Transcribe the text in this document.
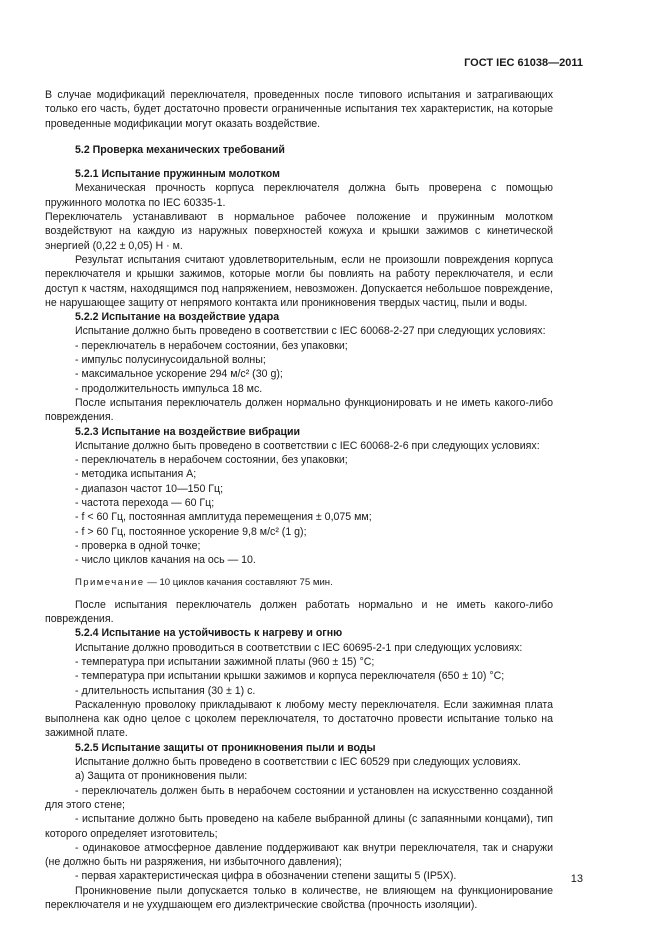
ГОСТ IEC 61038—2011

В случае модификаций переключателя, проведенных после типового испытания и затрагивающих только его часть, будет достаточно провести ограниченные испытания тех характеристик, на которые проведенные модификации могут оказать воздействие.

5.2 Проверка механических требований

5.2.1 Испытание пружинным молотком

Механическая прочность корпуса переключателя должна быть проверена с помощью пружинного молотка по IEC 60335-1.

Переключатель устанавливают в нормальное рабочее положение и пружинным молотком воздействуют на каждую из наружных поверхностей кожуха и крышки зажимов с кинетической энергией (0,22 ± 0,05) Н · м.

Результат испытания считают удовлетворительным, если не произошли повреждения корпуса переключателя и крышки зажимов, которые могли бы повлиять на работу переключателя, и если доступ к частям, находящимся под напряжением, невозможен. Допускается небольшое повреждение, не нарушающее защиту от непрямого контакта или проникновения твердых частиц, пыли и воды.

5.2.2 Испытание на воздействие удара

Испытание должно быть проведено в соответствии с IEC 60068-2-27 при следующих условиях:

- переключатель в нерабочем состоянии, без упаковки;

- импульс полусинусоидальной волны;

- максимальное ускорение 294 м/с² (30 g);

- продолжительность импульса 18 мс.

После испытания переключатель должен нормально функционировать и не иметь какого-либо повреждения.

5.2.3 Испытание на воздействие вибрации

Испытание должно быть проведено в соответствии с IEC 60068-2-6 при следующих условиях:

- переключатель в нерабочем состоянии, без упаковки;

- методика испытания А;

- диапазон частот 10—150 Гц;

- частота перехода — 60 Гц;

- f < 60 Гц, постоянная амплитуда перемещения ± 0,075 мм;

- f > 60 Гц, постоянное ускорение 9,8 м/с² (1 g);

- проверка в одной точке;

- число циклов качания на ось — 10.

Примечание — 10 циклов качания составляют 75 мин.

После испытания переключатель должен работать нормально и не иметь какого-либо повреждения.

5.2.4 Испытание на устойчивость к нагреву и огню

Испытание должно проводиться в соответствии с IEC 60695-2-1 при следующих условиях:

- температура при испытании зажимной платы (960 ± 15) °С;

- температура при испытании крышки зажимов и корпуса переключателя (650 ± 10) °С;

- длительность испытания (30 ± 1) с.

Раскаленную проволоку прикладывают к любому месту переключателя. Если зажимная плата выполнена как одно целое с цоколем переключателя, то достаточно провести испытание только на зажимной плате.

5.2.5 Испытание защиты от проникновения пыли и воды

Испытание должно быть проведено в соответствии с IEC 60529 при следующих условиях.

а) Защита от проникновения пыли:

- переключатель должен быть в нерабочем состоянии и установлен на искусственно созданной для этого стене;

- испытание должно быть проведено на кабеле выбранной длины (с запаянными концами), тип которого определяет изготовитель;

- одинаковое атмосферное давление поддерживают как внутри переключателя, так и снаружи (не должно быть ни разряжения, ни избыточного давления);

- первая характеристическая цифра в обозначении степени защиты 5 (IP5X).

Проникновение пыли допускается только в количестве, не влияющем на функционирование переключателя и не ухудшающем его диэлектрические свойства (прочность изоляции).

13
